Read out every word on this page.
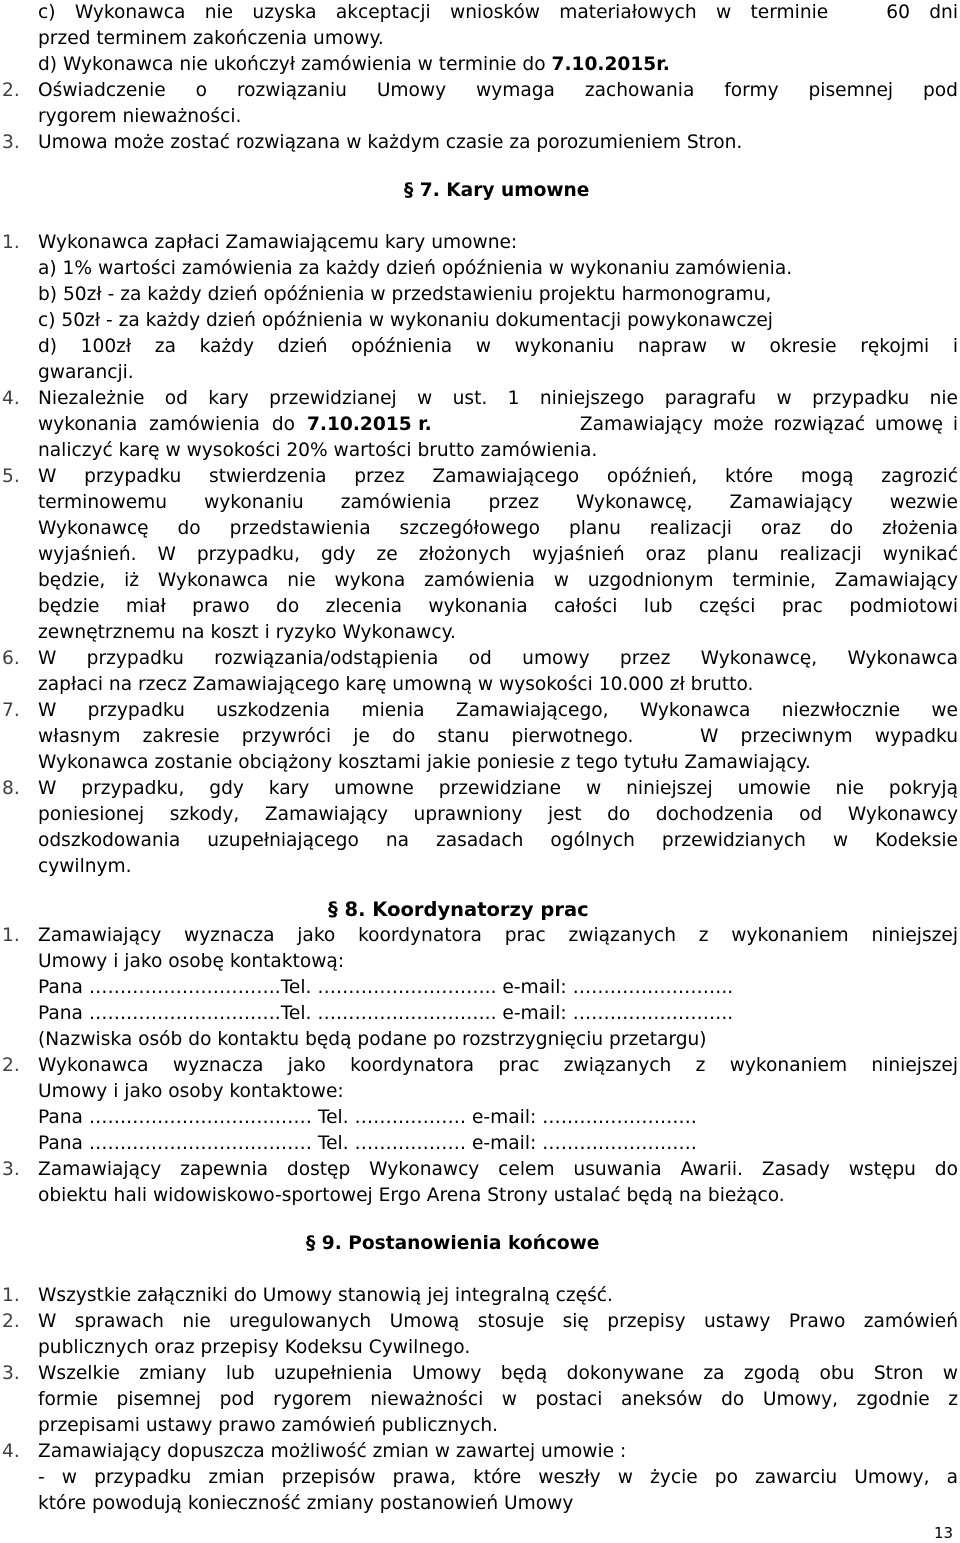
c) Wykonawca nie uzyska akceptacji wniosków materiałowych w terminie   60 dni
przed terminem zakończenia umowy.
d) Wykonawca nie ukończył zamówienia w terminie do 7.10.2015r.
2. Oświadczenie o rozwiązaniu Umowy wymaga zachowania formy pisemnej pod
rygorem nieważności.
3. Umowa może zostać rozwiązana w każdym czasie za porozumieniem Stron.
§ 7. Kary umowne
1. Wykonawca zapłaci Zamawiającemu kary umowne:
a) 1% wartości zamówienia za każdy dzień opóźnienia w wykonaniu zamówienia.
b) 50zł - za każdy dzień opóźnienia w przedstawieniu projektu harmonogramu,
c) 50zł - za każdy dzień opóźnienia w wykonaniu dokumentacji powykonawczej
d) 100zł za każdy dzień opóźnienia w wykonaniu napraw w okresie rękojmi i
gwarancji.
4. Niezależnie od kary przewidzianej w ust. 1 niniejszego paragrafu w przypadku nie
wykonania zamówienia do 7.10.2015 r.	Zamawiający może rozwiązać umowę i
naliczyć karę w wysokości 20% wartości brutto zamówienia.
5. W przypadku stwierdzenia przez Zamawiającego opóźnień, które mogą zagrozić
terminowemu wykonaniu zamówienia przez Wykonawcę, Zamawiający wezwie
Wykonawcę do przedstawienia szczegółowego planu realizacji oraz do złożenia
wyjaśnień. W przypadku, gdy ze złożonych wyjaśnień oraz planu realizacji wynikać
będzie, iż Wykonawca nie wykona zamówienia w uzgodnionym terminie, Zamawiający
będzie miał prawo do zlecenia wykonania całości lub części prac podmiotowi
zewnętrznemu na koszt i ryzyko Wykonawcy.
6. W przypadku rozwiązania/odstąpienia od umowy przez Wykonawcę, Wykonawca
zapłaci na rzecz Zamawiającego karę umowną w wysokości 10.000 zł brutto.
7. W przypadku uszkodzenia mienia Zamawiającego, Wykonawca niezwłocznie we
własnym zakresie przywróci je do stanu pierwotnego.   W przeciwnym wypadku
Wykonawca zostanie obciążony kosztami jakie poniesie z tego tytułu Zamawiający.
8. W przypadku, gdy kary umowne przewidziane w niniejszej umowie nie pokryją
poniesionej szkody, Zamawiający uprawniony jest do dochodzenia od Wykonawcy
odszkodowania uzupełniającego na zasadach ogólnych przewidzianych w Kodeksie
cywilnym.
§ 8. Koordynatorzy prac
1. Zamawiający wyznacza jako koordynatora prac związanych z wykonaniem niniejszej
Umowy i jako osobę kontaktową:
Pana ………………………….Tel. ……………………….. e-mail: ……………………..
Pana ………………………….Tel. ……………………….. e-mail: ……………………..
(Nazwiska osób do kontaktu będą podane po rozstrzygnięciu przetargu)
2. Wykonawca wyznacza jako koordynatora prac związanych z wykonaniem niniejszej
Umowy i jako osoby kontaktowe:
Pana ……………………………… Tel. ……………… e-mail: …………………….
Pana ……………………………… Tel. ……………… e-mail: …………………….
3. Zamawiający zapewnia dostęp Wykonawcy celem usuwania Awarii. Zasady wstępu do
obiektu hali widowiskowo-sportowej Ergo Arena Strony ustalać będą na bieżąco.
§ 9. Postanowienia końcowe
1. Wszystkie załączniki do Umowy stanowią jej integralną część.
2. W sprawach nie uregulowanych Umową stosuje się przepisy ustawy Prawo zamówień
publicznych oraz przepisy Kodeksu Cywilnego.
3. Wszelkie zmiany lub uzupełnienia Umowy będą dokonywane za zgodą obu Stron w
formie pisemnej pod rygorem nieważności w postaci aneksów do Umowy, zgodnie z
przepisami ustawy prawo zamówień publicznych.
4. Zamawiający dopuszcza możliwość zmian w zawartej umowie :
- w przypadku zmian przepisów prawa, które weszły w życie po zawarciu Umowy, a
które powodują konieczność zmiany postanowień Umowy
13
